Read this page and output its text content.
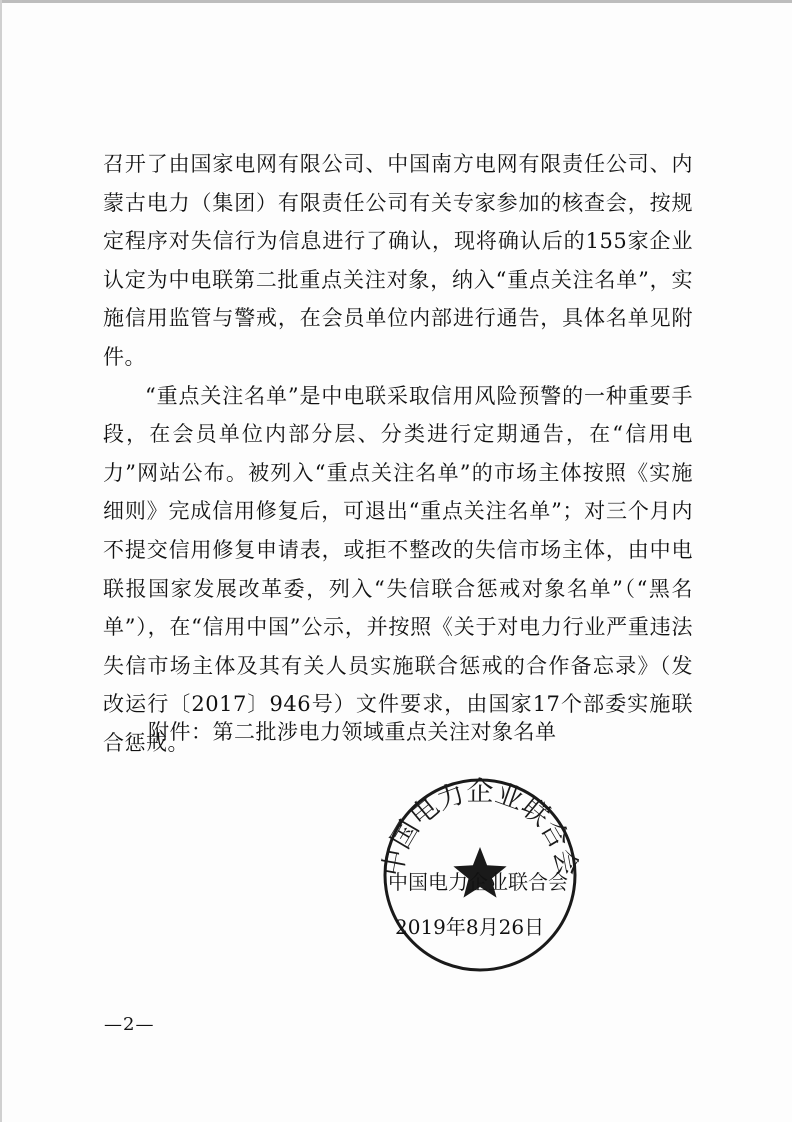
召开了由国家电网有限公司、中国南方电网有限责任公司、内蒙古电力（集团）有限责任公司有关专家参加的核查会，按规定程序对失信行为信息进行了确认，现将确认后的155家企业认定为中电联第二批重点关注对象，纳入“重点关注名单”，实施信用监管与警戒，在会员单位内部进行通告，具体名单见附件。

“重点关注名单”是中电联采取信用风险预警的一种重要手段，在会员单位内部分层、分类进行定期通告，在“信用电力”网站公布。被列入“重点关注名单”的市场主体按照《实施细则》完成信用修复后，可退出“重点关注名单”；对三个月内不提交信用修复申请表，或拒不整改的失信市场主体，由中电联报国家发展改革委，列入“失信联合惩戒对象名单”（“黑名单”），在“信用中国”公示，并按照《关于对电力行业严重违法失信市场主体及其有关人员实施联合惩戒的合作备忘录》（发改运行〔2017〕946号）文件要求，由国家17个部委实施联合惩戒。

附件：第二批涉电力领域重点关注对象名单

中国电力企业联合会

中国电力企业联合会

2019年8月26日

—2—
